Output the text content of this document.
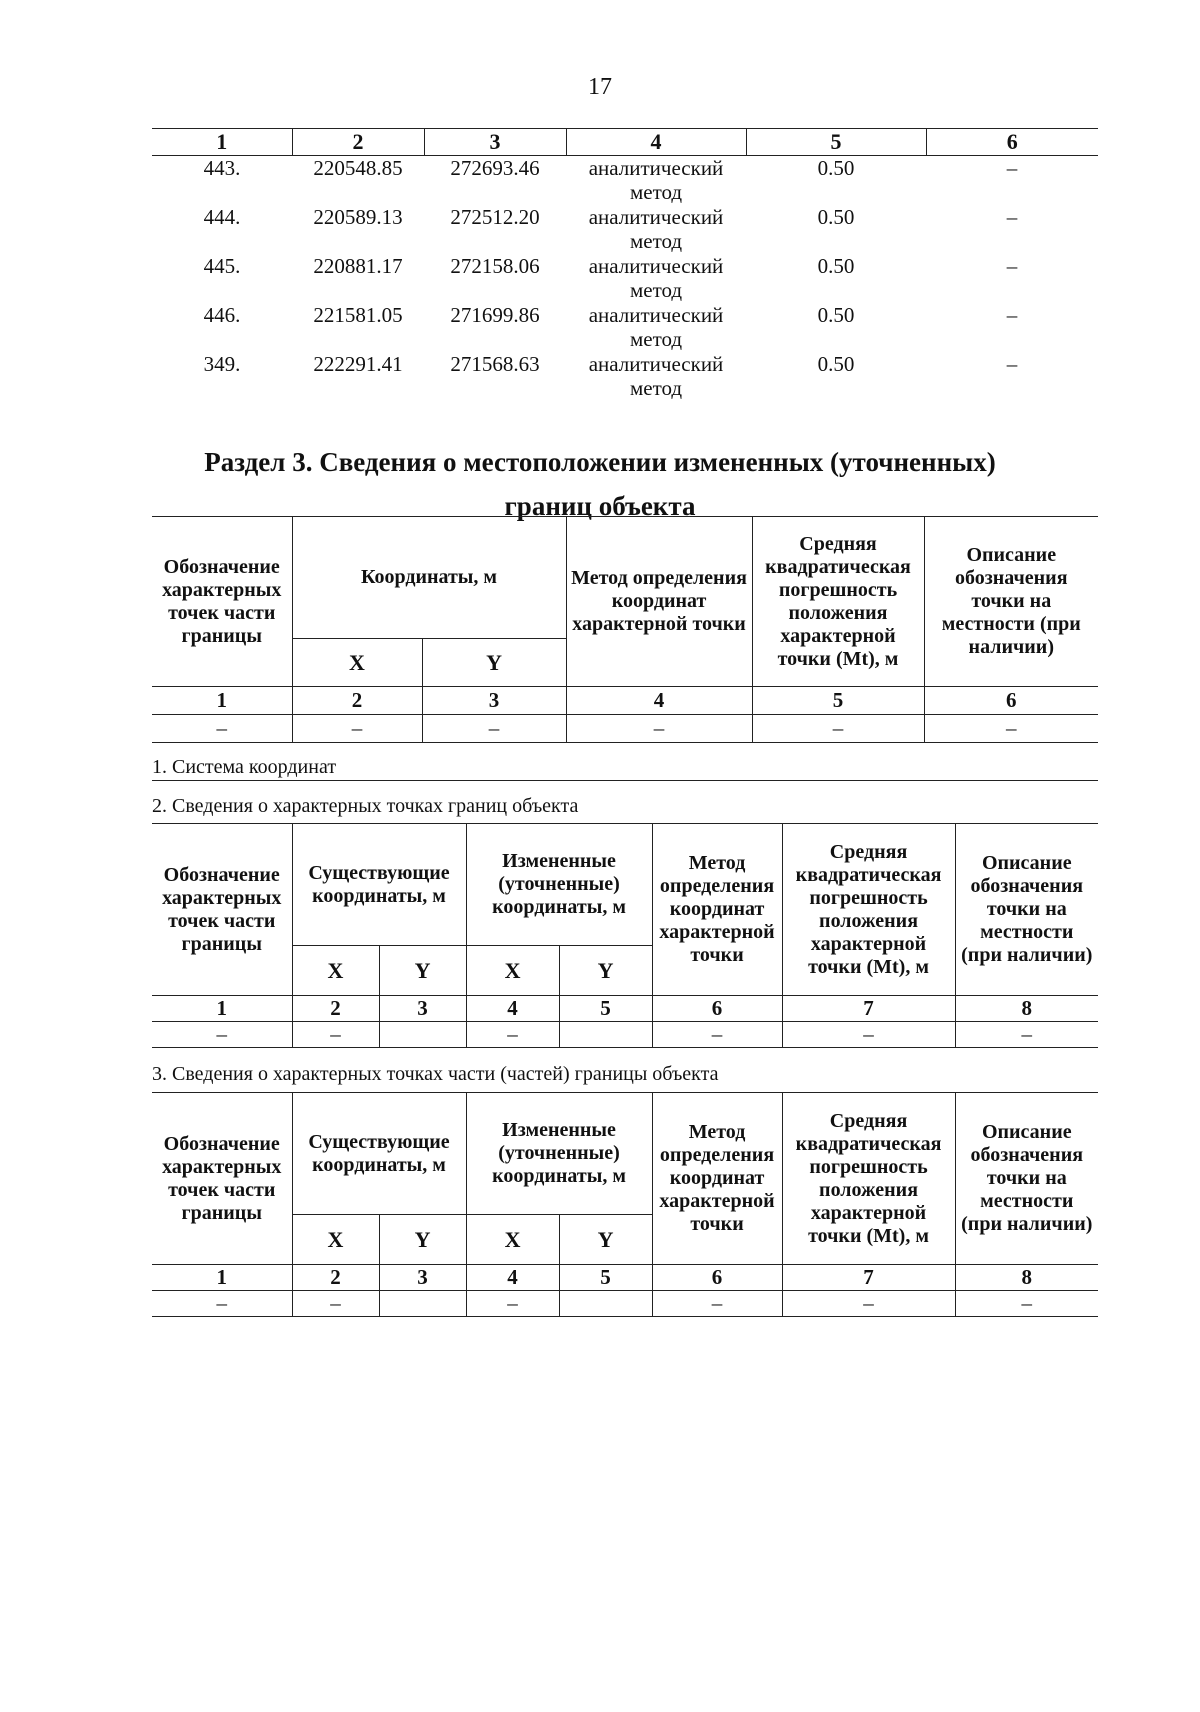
17
1	2	3	4	5	6
443.	220548.85	272693.46	аналитический метод	0.50	–
444.	220589.13	272512.20	аналитический метод	0.50	–
445.	220881.17	272158.06	аналитический метод	0.50	–
446.	221581.05	271699.86	аналитический метод	0.50	–
349.	222291.41	271568.63	аналитический метод	0.50	–
Раздел 3. Сведения о местоположении измененных (уточненных)
границ объекта
Обозначение характерных точек части границы	Координаты, м		Метод определения координат характерной точки	Средняя квадратическая погрешность положения характерной точки (Mt), м	Описание обозначения точки на местности (при наличии)
	X	Y			
1	2	3	4	5	6
–	–	–	–	–	–
1. Система координат
2. Сведения о характерных точках границ объекта
Обозначение характерных точек части границы	Существующие координаты, м		Измененные (уточненные) координаты, м		Метод определения координат характерной точки	Средняя квадратическая погрешность положения характерной точки (Mt), м	Описание обозначения точки на местности (при наличии)
	X	Y	X	Y			
1	2	3	4	5	6	7	8
–	–		–		–	–	–
3. Сведения о характерных точках части (частей) границы объекта
Обозначение характерных точек части границы	Существующие координаты, м		Измененные (уточненные) координаты, м		Метод определения координат характерной точки	Средняя квадратическая погрешность положения характерной точки (Mt), м	Описание обозначения точки на местности (при наличии)
	X	Y	X	Y			
1	2	3	4	5	6	7	8
–	–		–		–	–	–
